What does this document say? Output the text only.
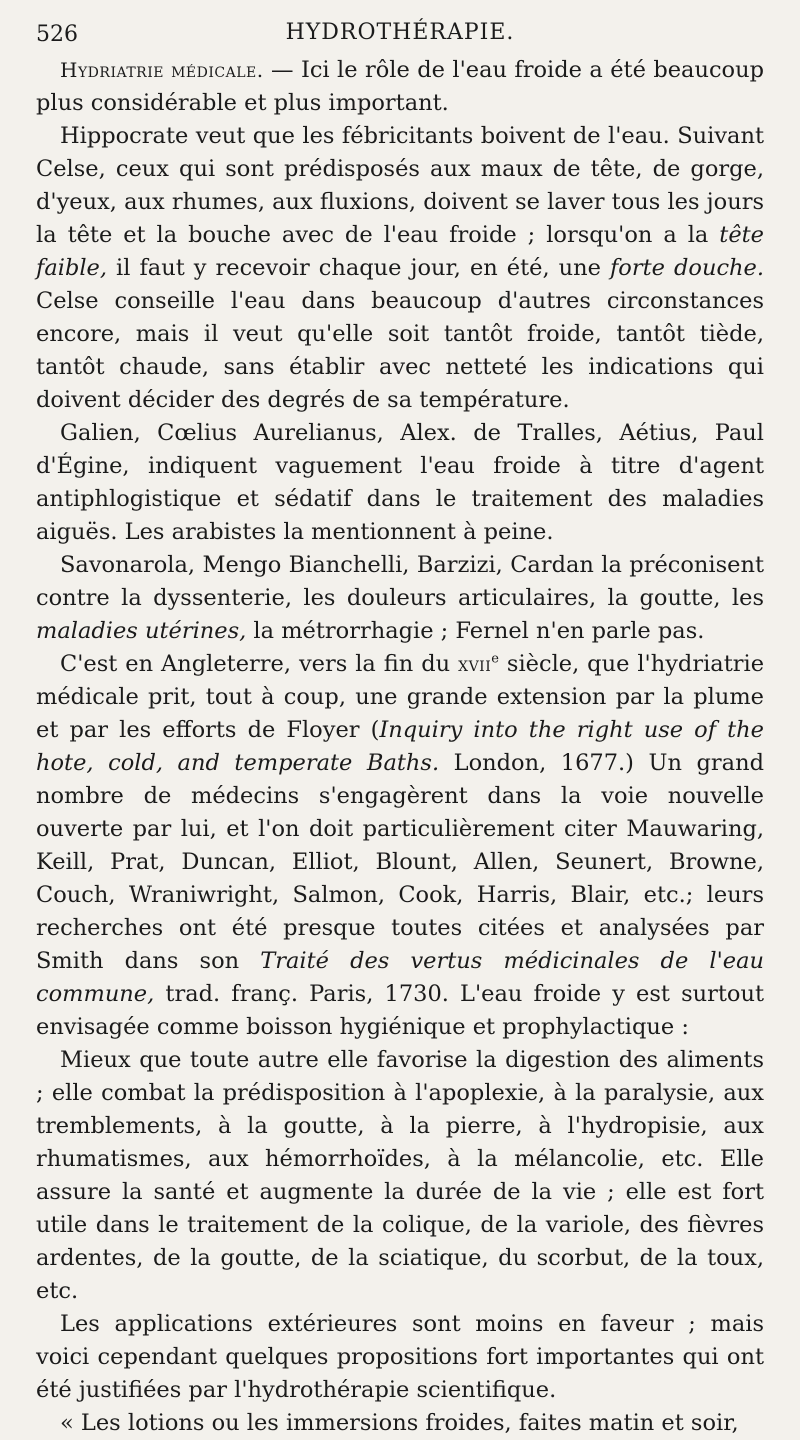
526	HYDROTHÉRAPIE.

Hydriatrie médicale. — Ici le rôle de l'eau froide a été beaucoup plus considérable et plus important.

Hippocrate veut que les fébricitants boivent de l'eau. Suivant Celse, ceux qui sont prédisposés aux maux de tête, de gorge, d'yeux, aux rhumes, aux fluxions, doivent se laver tous les jours la tête et la bouche avec de l'eau froide ; lorsqu'on a la tête faible, il faut y recevoir chaque jour, en été, une forte douche. Celse conseille l'eau dans beaucoup d'autres circonstances encore, mais il veut qu'elle soit tantôt froide, tantôt tiède, tantôt chaude, sans établir avec netteté les indications qui doivent décider des degrés de sa température.

Galien, Cœlius Aurelianus, Alex. de Tralles, Aétius, Paul d'Égine, indiquent vaguement l'eau froide à titre d'agent antiphlogistique et sédatif dans le traitement des maladies aiguës. Les arabistes la mentionnent à peine.

Savonarola, Mengo Bianchelli, Barzizi, Cardan la préconisent contre la dyssenterie, les douleurs articulaires, la goutte, les maladies utérines, la métrorrhagie ; Fernel n'en parle pas.

C'est en Angleterre, vers la fin du xvii$^e$ siècle, que l'hydriatrie médicale prit, tout à coup, une grande extension par la plume et par les efforts de Floyer (Inquiry into the right use of the hote, cold, and temperate Baths. London, 1677.) Un grand nombre de médecins s'engagèrent dans la voie nouvelle ouverte par lui, et l'on doit particulièrement citer Mauwaring, Keill, Prat, Duncan, Elliot, Blount, Allen, Seunert, Browne, Couch, Wraniwright, Salmon, Cook, Harris, Blair, etc.; leurs recherches ont été presque toutes citées et analysées par Smith dans son Traité des vertus médicinales de l'eau commune, trad. franç. Paris, 1730. L'eau froide y est surtout envisagée comme boisson hygiénique et prophylactique :

Mieux que toute autre elle favorise la digestion des aliments ; elle combat la prédisposition à l'apoplexie, à la paralysie, aux tremblements, à la goutte, à la pierre, à l'hydropisie, aux rhumatismes, aux hémorrhoïdes, à la mélancolie, etc. Elle assure la santé et augmente la durée de la vie ; elle est fort utile dans le traitement de la colique, de la variole, des fièvres ardentes, de la goutte, de la sciatique, du scorbut, de la toux, etc.

Les applications extérieures sont moins en faveur ; mais voici cependant quelques propositions fort importantes qui ont été justifiées par l'hydrothérapie scientifique.

« Les lotions ou les immersions froides, faites matin et soir,
